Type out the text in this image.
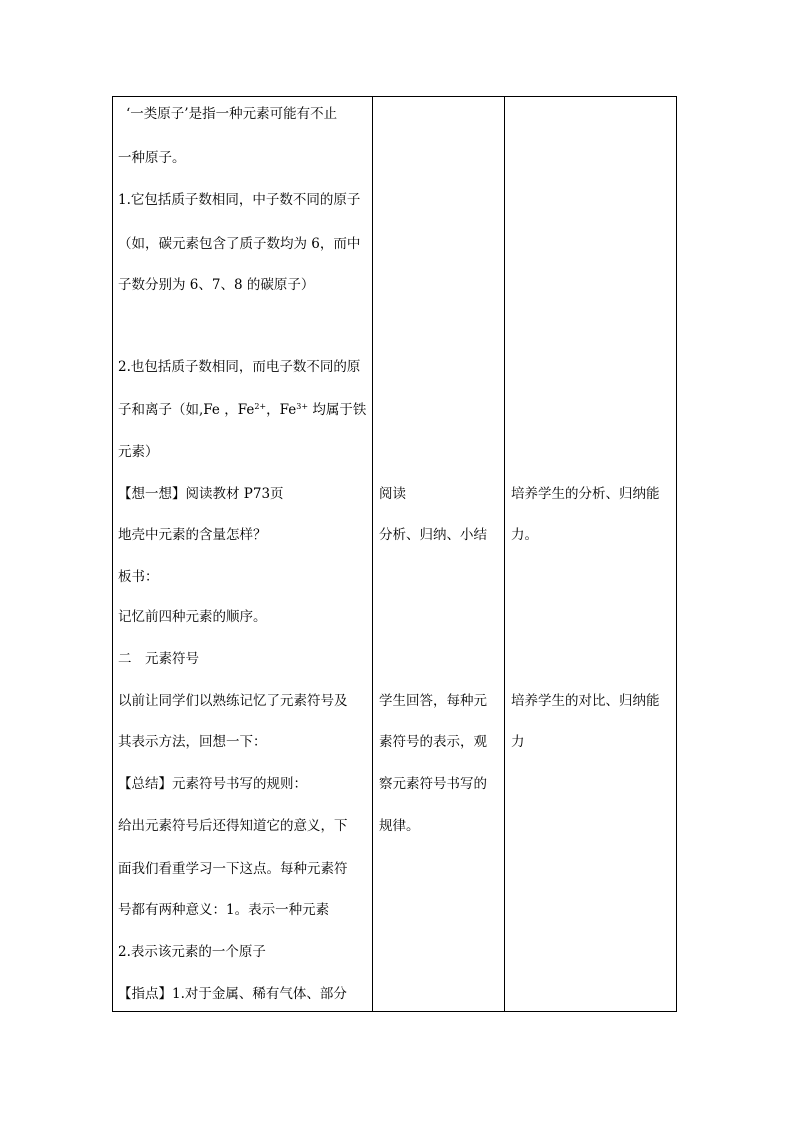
‘一类原子’是指一种元素可能有不止
一种原子。
1.它包括质子数相同，中子数不同的原子
（如，碳元素包含了质子数均为 6，而中
子数分别为 6、7、8 的碳原子）
2.也包括质子数相同，而电子数不同的原
子和离子（如,Fe ，$Fe^{2+}$，$Fe^{3+}$ 均属于铁
元素）
【想一想】阅读教材 P73页
地壳中元素的含量怎样？
板书：
记忆前四种元素的顺序。
二　元素符号
以前让同学们以熟练记忆了元素符号及
其表示方法，回想一下：
【总结】元素符号书写的规则：
给出元素符号后还得知道它的意义，下
面我们看重学习一下这点。每种元素符
号都有两种意义：1。表示一种元素
2.表示该元素的一个原子
【指点】1.对于金属、稀有气体、部分
阅读
分析、归纳、小结
学生回答，每种元
素符号的表示，观
察元素符号书写的
规律。
培养学生的分析、归纳能
力。
培养学生的对比、归纳能
力
